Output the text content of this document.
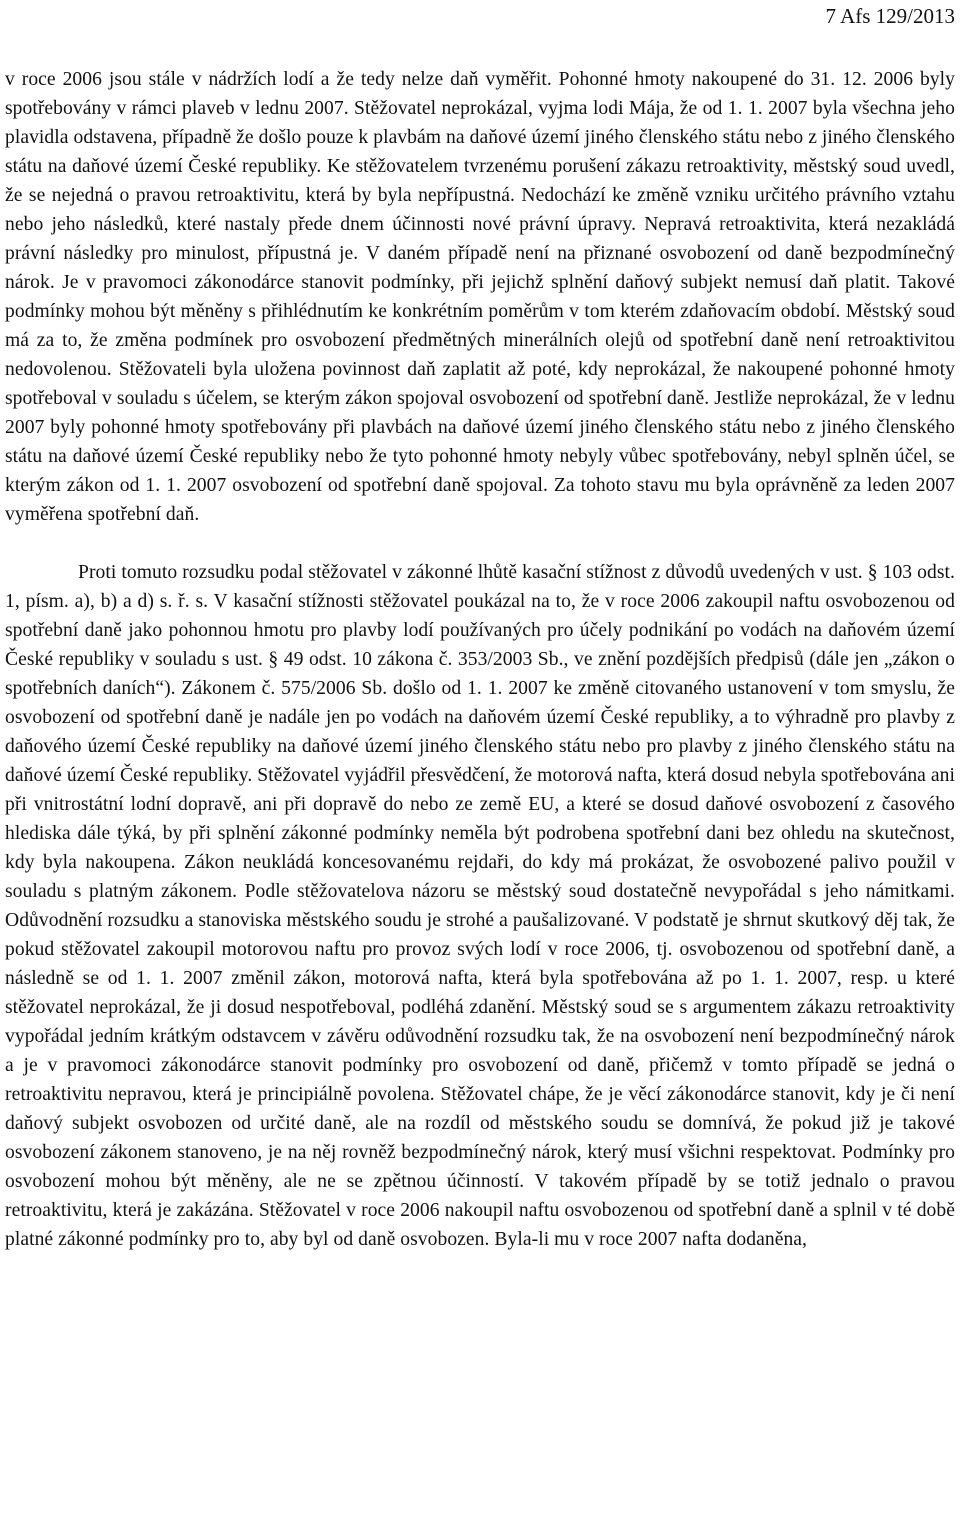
7 Afs 129/2013

v roce 2006 jsou stále v nádržích lodí a že tedy nelze daň vyměřit. Pohonné hmoty nakoupené do 31. 12. 2006 byly spotřebovány v rámci plaveb v lednu 2007. Stěžovatel neprokázal, vyjma lodi Mája, že od 1. 1. 2007 byla všechna jeho plavidla odstavena, případně že došlo pouze k plavbám na daňové území jiného členského státu nebo z jiného členského státu na daňové území České republiky. Ke stěžovatelem tvrzenému porušení zákazu retroaktivity, městský soud uvedl, že se nejedná o pravou retroaktivitu, která by byla nepřípustná. Nedochází ke změně vzniku určitého právního vztahu nebo jeho následků, které nastaly přede dnem účinnosti nové právní úpravy. Nepravá retroaktivita, která nezakládá právní následky pro minulost, přípustná je. V daném případě není na přiznané osvobození od daně bezpodmínečný nárok. Je v pravomoci zákonodárce stanovit podmínky, při jejichž splnění daňový subjekt nemusí daň platit. Takové podmínky mohou být měněny s přihlédnutím ke konkrétním poměrům v tom kterém zdaňovacím období. Městský soud má za to, že změna podmínek pro osvobození předmětných minerálních olejů od spotřební daně není retroaktivitou nedovolenou. Stěžovateli byla uložena povinnost daň zaplatit až poté, kdy neprokázal, že nakoupené pohonné hmoty spotřeboval v souladu s účelem, se kterým zákon spojoval osvobození od spotřební daně. Jestliže neprokázal, že v lednu 2007 byly pohonné hmoty spotřebovány při plavbách na daňové území jiného členského státu nebo z jiného členského státu na daňové území České republiky nebo že tyto pohonné hmoty nebyly vůbec spotřebovány, nebyl splněn účel, se kterým zákon od 1. 1. 2007 osvobození od spotřební daně spojoval. Za tohoto stavu mu byla oprávněně za leden 2007 vyměřena spotřební daň.

Proti tomuto rozsudku podal stěžovatel v zákonné lhůtě kasační stížnost z důvodů uvedených v ust. § 103 odst. 1, písm. a), b) a d) s. ř. s. V kasační stížnosti stěžovatel poukázal na to, že v roce 2006 zakoupil naftu osvobozenou od spotřební daně jako pohonnou hmotu pro plavby lodí používaných pro účely podnikání po vodách na daňovém území České republiky v souladu s ust. § 49 odst. 10 zákona č. 353/2003 Sb., ve znění pozdějších předpisů (dále jen „zákon o spotřebních daních“). Zákonem č. 575/2006 Sb. došlo od 1. 1. 2007 ke změně citovaného ustanovení v tom smyslu, že osvobození od spotřební daně je nadále jen po vodách na daňovém území České republiky, a to výhradně pro plavby z daňového území České republiky na daňové území jiného členského státu nebo pro plavby z jiného členského státu na daňové území České republiky. Stěžovatel vyjádřil přesvědčení, že motorová nafta, která dosud nebyla spotřebována ani při vnitrostátní lodní dopravě, ani při dopravě do nebo ze země EU, a které se dosud daňové osvobození z časového hlediska dále týká, by při splnění zákonné podmínky neměla být podrobena spotřební dani bez ohledu na skutečnost, kdy byla nakoupena. Zákon neukládá koncesovanému rejdaři, do kdy má prokázat, že osvobozené palivo použil v souladu s platným zákonem. Podle stěžovatelova názoru se městský soud dostatečně nevypořádal s jeho námitkami. Odůvodnění rozsudku a stanoviska městského soudu je strohé a paušalizované. V podstatě je shrnut skutkový děj tak, že pokud stěžovatel zakoupil motorovou naftu pro provoz svých lodí v roce 2006, tj. osvobozenou od spotřební daně, a následně se od 1. 1. 2007 změnil zákon, motorová nafta, která byla spotřebována až po 1. 1. 2007, resp. u které stěžovatel neprokázal, že ji dosud nespotřeboval, podléhá zdanění. Městský soud se s argumentem zákazu retroaktivity vypořádal jedním krátkým odstavcem v závěru odůvodnění rozsudku tak, že na osvobození není bezpodmínečný nárok a je v pravomoci zákonodárce stanovit podmínky pro osvobození od daně, přičemž v tomto případě se jedná o retroaktivitu nepravou, která je principiálně povolena. Stěžovatel chápe, že je věcí zákonodárce stanovit, kdy je či není daňový subjekt osvobozen od určité daně, ale na rozdíl od městského soudu se domnívá, že pokud již je takové osvobození zákonem stanoveno, je na něj rovněž bezpodmínečný nárok, který musí všichni respektovat. Podmínky pro osvobození mohou být měněny, ale ne se zpětnou účinností. V takovém případě by se totiž jednalo o pravou retroaktivitu, která je zakázána. Stěžovatel v roce 2006 nakoupil naftu osvobozenou od spotřební daně a splnil v té době platné zákonné podmínky pro to, aby byl od daně osvobozen. Byla-li mu v roce 2007 nafta dodaněna,
